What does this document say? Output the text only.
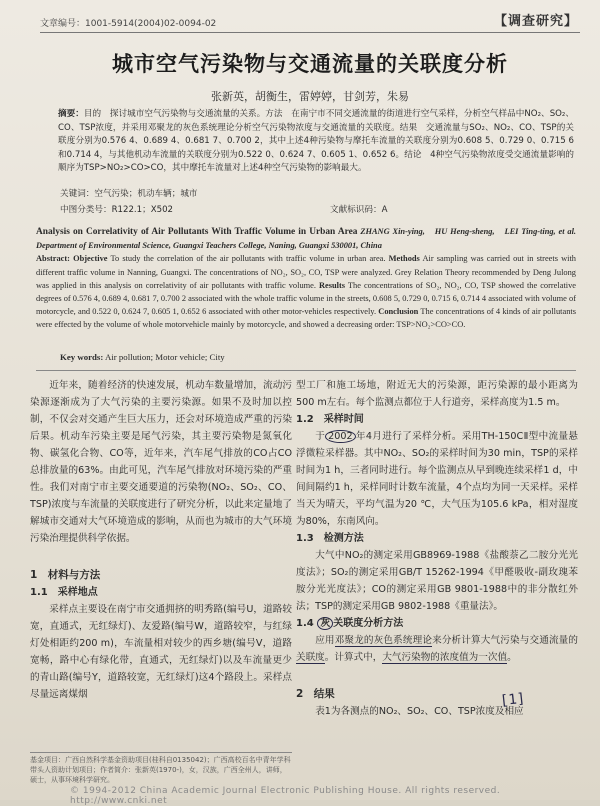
文章编号：1001-5914(2004)02-0094-02	【调查研究】
城市空气污染物与交通流量的关联度分析
张新英，胡衡生，雷婷婷，甘剑芳，朱易
摘要：目的　探讨城市空气污染物与交通流量的关系。方法　在南宁市不同交通流量的街道进行空气采样，分析空气样品中NO₂、SO₂、CO、TSP浓度，并采用邓聚龙的灰色系统理论分析空气污染物浓度与交通流量的关联度。结果　交通流量与SO₂、NO₂、CO、TSP的关联度分别为0.576 4、0.689 4、0.681 7、0.700 2，其中上述4种污染物与摩托车流量的关联度分别为0.608 5、0.729 0、0.715 6和0.714 4，与其他机动车流量的关联度分别为0.522 0、0.624 7、0.605 1、0.652 6。结论　4种空气污染物浓度受交通流量影响的顺序为TSP>NO₂>CO>CO，其中摩托车流量对上述4种空气污染物的影响最大。
关键词：空气污染；机动车辆；城市
中图分类号：R122.1；X502	文献标识码：A
Analysis on Correlativity of Air Pollutants With Traffic Volume in Urban Area ZHANG Xin-ying,　HU Heng-sheng,　LEI Ting-ting, et al. Department of Environmental Science, Guangxi Teachers College, Naning, Guangxi 530001, China
Abstract: Objective To study the correlation of the air pollutants with traffic volume in urban area. Methods Air sampling was carried out in streets with different traffic volume in Nanning, Guangxi. The concentrations of NO₂, SO₂, CO, TSP were analyzed. Grey Relation Theory recommended by Deng Julong was applied in this analysis on correlativity of air pollutants with traffic volume. Results The concentrations of SO₂, NO₂, CO, TSP showed the correlative degrees of 0.576 4, 0.689 4, 0.681 7, 0.700 2 associated with the whole traffic volume in the streets, 0.608 5, 0.729 0, 0.715 6, 0.714 4 associated with volume of motorcycle, and 0.522 0, 0.624 7, 0.605 1, 0.652 6 associated with other motor-vehicles respectively. Conclusion The concentrations of 4 kinds of air pollutants were effected by the volume of whole motorvehicle mainly by motorcycle, and showed a decreasing order: TSP>NO₂>CO>CO.
Key words: Air pollution; Motor vehicle; City

近年来，随着经济的快速发展，机动车数量增加，流动污染源逐渐成为了大气污染的主要污染源。如果不及时加以控制，不仅会对交通产生巨大压力，还会对环境造成严重的污染后果。机动车污染主要是尾气污染，其主要污染物是氮氧化物、碳氢化合物、CO等，近年来，汽车尾气排放的CO占CO总排放量的63%。由此可见，汽车尾气排放对环境污染的严重性。我们对南宁市主要交通要道的污染物(NO₂、SO₂、CO、TSP)浓度与车流量的关联度进行了研究分析，以此来定量地了解城市交通对大气环境造成的影响，从而也为城市的大气环境污染治理提供科学依据。

1　材料与方法

1.1　采样地点

采样点主要设在南宁市交通拥挤的明秀路(编号U，道路较宽，直通式，无红绿灯)、友爱路(编号W，道路较窄，与红绿灯处相距约200 m)，车流量相对较少的西乡塘(编号V，道路宽畅，路中心有绿化带，直通式，无红绿灯)以及车流量更少的青山路(编号Y，道路较宽，无红绿灯)这4个路段上。采样点尽量远离煤烟

型工厂和施工场地，附近无大的污染源，距污染源的最小距离为500 m左右。每个监测点都位于人行道旁，采样高度为1.5 m。

1.2　采样时间

于 2002 年4月进行了采样分析。采用TH-150CⅡ型中流量悬浮微粒采样器。其中NO₂、SO₂的采样时间为30 min，TSP的采样时间为1 h，三者同时进行。每个监测点从早到晚连续采样1 d，中间间隔约1 h，采样同时计数车流量，4个点均为同一天采样。采样当天为晴天，平均气温为20 ℃，大气压为105.6 kPa，相对湿度为80%，东南风向。

1.3　检测方法

大气中NO₂的测定采用GB8969-1988《盐酸萘乙二胺分光光度法》；SO₂的测定采用GB/T 15262-1994《甲醛吸收-副玫瑰苯胺分光光度法》；CO的测定采用GB 9801-1988中的非分散红外法；TSP的测定采用GB 9802-1988《重量法》。

1.4 灰 关联度分析方法

应用邓聚龙的灰色系统理论来分析计算大气污染与交通流量的关联度。计算式中，大气污染物的浓度值为一次值。

2　结果

表1为各测点的NO₂、SO₂、CO、TSP浓度及相应

[1]
基金项目：广西自然科学基金资助项目(桂科自0135042)；广西高校百名中青年学科带头人资助计划项目；作者简介：张新英(1970-)，女，汉族，广西全州人，讲师，硕士，从事环境科学研究。
© 1994-2012 China Academic Journal Electronic Publishing House. All rights reserved.　http://www.cnki.net
